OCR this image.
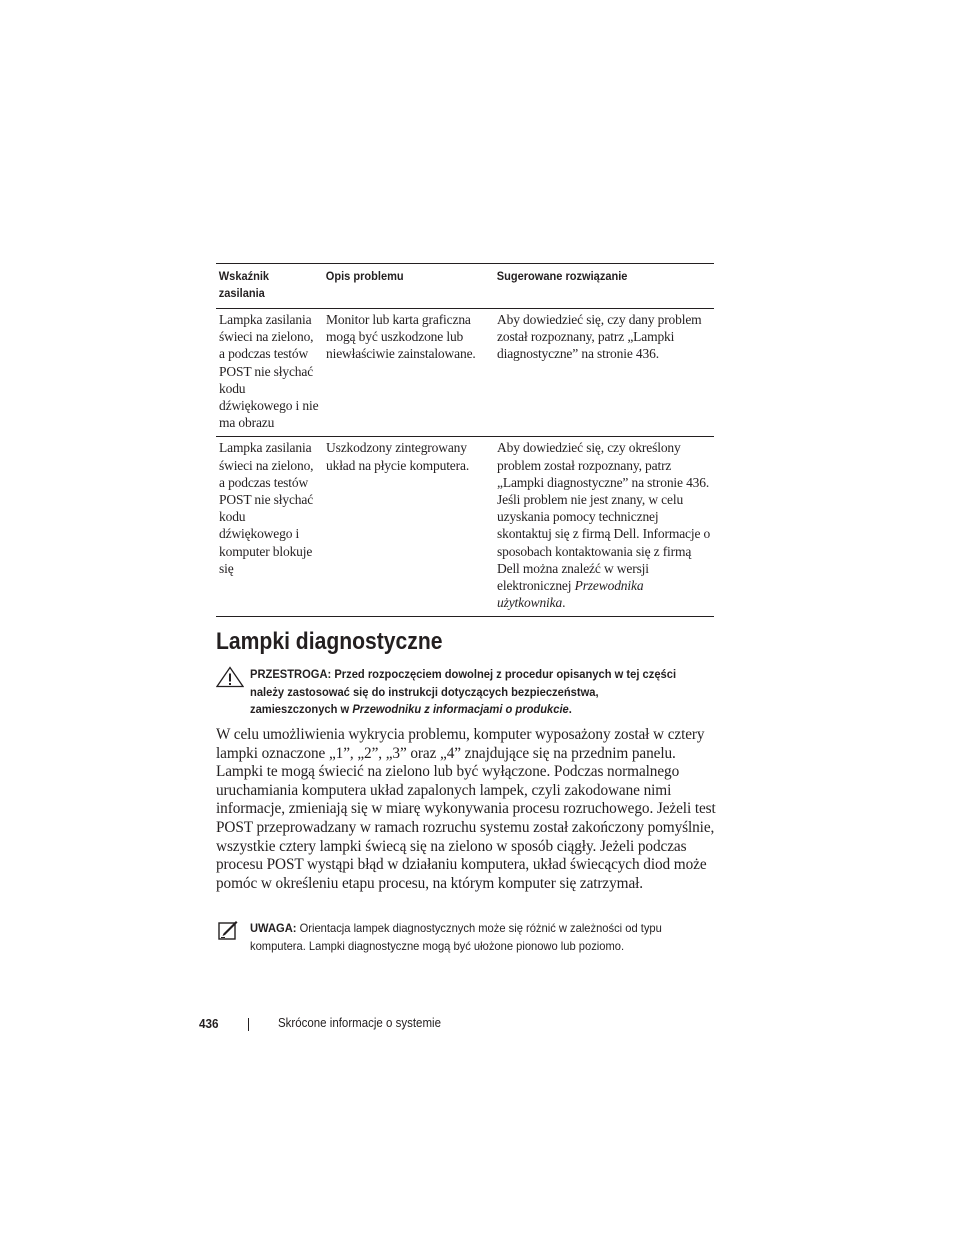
Wskaźnik zasilania	Opis problemu	Sugerowane rozwiązanie
Lampka zasilania świeci na zielono, a podczas testów POST nie słychać kodu dźwiękowego i nie ma obrazu	Monitor lub karta graficzna mogą być uszkodzone lub niewłaściwie zainstalowane.	Aby dowiedzieć się, czy dany problem został rozpoznany, patrz „Lampki diagnostyczne” na stronie 436.
Lampka zasilania świeci na zielono, a podczas testów POST nie słychać kodu dźwiękowego i komputer blokuje się	Uszkodzony zintegrowany układ na płycie komputera.	Aby dowiedzieć się, czy określony problem został rozpoznany, patrz „Lampki diagnostyczne” na stronie 436. Jeśli problem nie jest znany, w celu uzyskania pomocy technicznej skontaktuj się z firmą Dell. Informacje o sposobach kontaktowania się z firmą Dell można znaleźć w wersji elektronicznej Przewodnika użytkownika.
Lampki diagnostyczne
PRZESTROGA: Przed rozpoczęciem dowolnej z procedur opisanych w tej części należy zastosować się do instrukcji dotyczących bezpieczeństwa, zamieszczonych w Przewodniku z informacjami o produkcie.

W celu umożliwienia wykrycia problemu, komputer wyposażony został w cztery lampki oznaczone „1”, „2”, „3” oraz „4” znajdujące się na przednim panelu. Lampki te mogą świecić na zielono lub być wyłączone. Podczas normalnego uruchamiania komputera układ zapalonych lampek, czyli zakodowane nimi informacje, zmieniają się w miarę wykonywania procesu rozruchowego. Jeżeli test POST przeprowadzany w ramach rozruchu systemu został zakończony pomyślnie, wszystkie cztery lampki świecą się na zielono w sposób ciągły. Jeżeli podczas procesu POST wystąpi błąd w działaniu komputera, układ świecących diod może pomóc w określeniu etapu procesu, na którym komputer się zatrzymał.

UWAGA: Orientacja lampek diagnostycznych może się różnić w zależności od typu komputera. Lampki diagnostyczne mogą być ułożone pionowo lub poziomo.
436	Skrócone informacje o systemie
